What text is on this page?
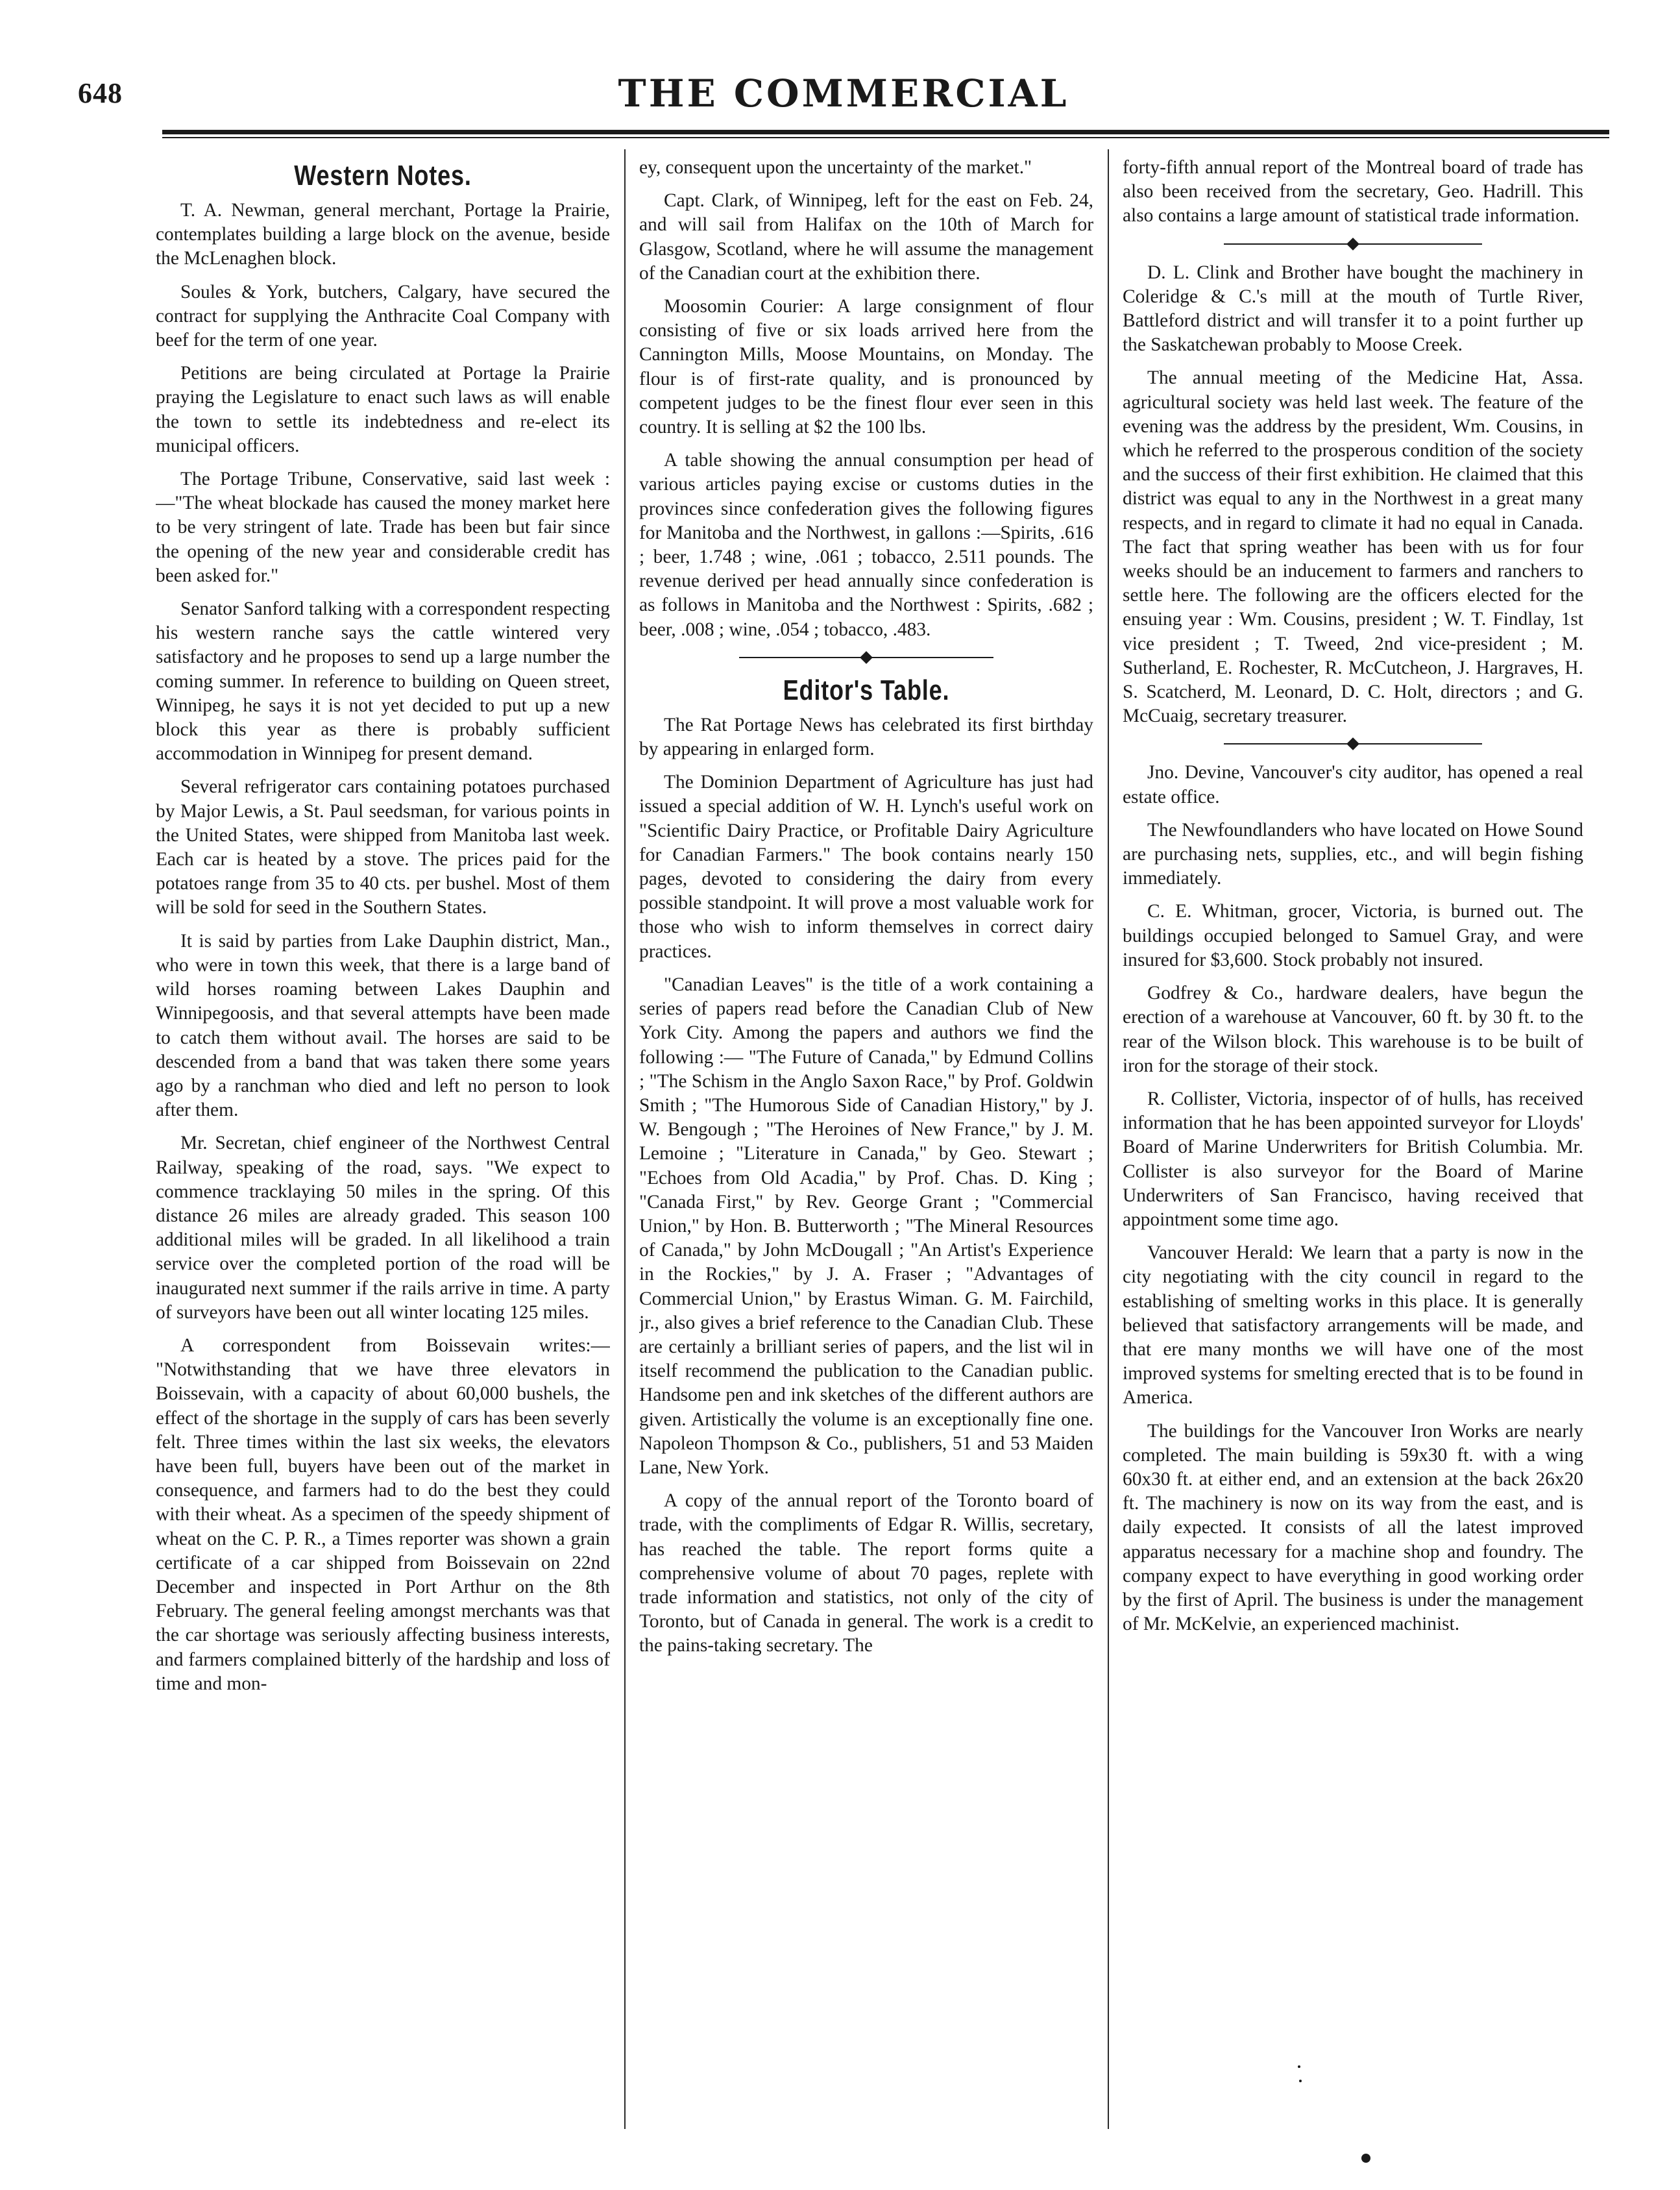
648	THE COMMERCIAL
Western Notes.

T. A. Newman, general merchant, Portage la Prairie, contemplates building a large block on the avenue, beside the McLenaghen block.

Soules & York, butchers, Calgary, have secured the contract for supplying the Anthracite Coal Company with beef for the term of one year.

Petitions are being circulated at Portage la Prairie praying the Legislature to enact such laws as will enable the town to settle its indebtedness and re-elect its municipal officers.

The Portage Tribune, Conservative, said last week :—"The wheat blockade has caused the money market here to be very stringent of late. Trade has been but fair since the opening of the new year and considerable credit has been asked for."

Senator Sanford talking with a correspondent respecting his western ranche says the cattle wintered very satisfactory and he proposes to send up a large number the coming summer. In reference to building on Queen street, Winnipeg, he says it is not yet decided to put up a new block this year as there is probably sufficient accommodation in Winnipeg for present demand.

Several refrigerator cars containing potatoes purchased by Major Lewis, a St. Paul seedsman, for various points in the United States, were shipped from Manitoba last week. Each car is heated by a stove. The prices paid for the potatoes range from 35 to 40 cts. per bushel. Most of them will be sold for seed in the Southern States.

It is said by parties from Lake Dauphin district, Man., who were in town this week, that there is a large band of wild horses roaming between Lakes Dauphin and Winnipegoosis, and that several attempts have been made to catch them without avail. The horses are said to be descended from a band that was taken there some years ago by a ranchman who died and left no person to look after them.

Mr. Secretan, chief engineer of the Northwest Central Railway, speaking of the road, says. "We expect to commence tracklaying 50 miles in the spring. Of this distance 26 miles are already graded. This season 100 additional miles will be graded. In all likelihood a train service over the completed portion of the road will be inaugurated next summer if the rails arrive in time. A party of surveyors have been out all winter locating 125 miles.

A correspondent from Boissevain writes:— "Notwithstanding that we have three elevators in Boissevain, with a capacity of about 60,000 bushels, the effect of the shortage in the supply of cars has been severly felt. Three times within the last six weeks, the elevators have been full, buyers have been out of the market in consequence, and farmers had to do the best they could with their wheat. As a specimen of the speedy shipment of wheat on the C. P. R., a Times reporter was shown a grain certificate of a car shipped from Boissevain on 22nd December and inspected in Port Arthur on the 8th February. The general feeling amongst merchants was that the car shortage was seriously affecting business interests, and farmers complained bitterly of the hardship and loss of time and mon-

ey, consequent upon the uncertainty of the market."

Capt. Clark, of Winnipeg, left for the east on Feb. 24, and will sail from Halifax on the 10th of March for Glasgow, Scotland, where he will assume the management of the Canadian court at the exhibition there.

Moosomin Courier: A large consignment of flour consisting of five or six loads arrived here from the Cannington Mills, Moose Mountains, on Monday. The flour is of first-rate quality, and is pronounced by competent judges to be the finest flour ever seen in this country. It is selling at $2 the 100 lbs.

A table showing the annual consumption per head of various articles paying excise or customs duties in the provinces since confederation gives the following figures for Manitoba and the Northwest, in gallons :—Spirits, .616 ; beer, 1.748 ; wine, .061 ; tobacco, 2.511 pounds. The revenue derived per head annually since confederation is as follows in Manitoba and the Northwest : Spirits, .682 ; beer, .008 ; wine, .054 ; tobacco, .483.

Editor's Table.

The Rat Portage News has celebrated its first birthday by appearing in enlarged form.

The Dominion Department of Agriculture has just had issued a special addition of W. H. Lynch's useful work on "Scientific Dairy Practice, or Profitable Dairy Agriculture for Canadian Farmers." The book contains nearly 150 pages, devoted to considering the dairy from every possible standpoint. It will prove a most valuable work for those who wish to inform themselves in correct dairy practices.

"Canadian Leaves" is the title of a work containing a series of papers read before the Canadian Club of New York City. Among the papers and authors we find the following :— "The Future of Canada," by Edmund Collins ; "The Schism in the Anglo Saxon Race," by Prof. Goldwin Smith ; "The Humorous Side of Canadian History," by J. W. Bengough ; "The Heroines of New France," by J. M. Lemoine ; "Literature in Canada," by Geo. Stewart ; "Echoes from Old Acadia," by Prof. Chas. D. King ; "Canada First," by Rev. George Grant ; "Commercial Union," by Hon. B. Butterworth ; "The Mineral Resources of Canada," by John McDougall ; "An Artist's Experience in the Rockies," by J. A. Fraser ; "Advantages of Commercial Union," by Erastus Wiman. G. M. Fairchild, jr., also gives a brief reference to the Canadian Club. These are certainly a brilliant series of papers, and the list wil in itself recommend the publication to the Canadian public. Handsome pen and ink sketches of the different authors are given. Artistically the volume is an exceptionally fine one. Napoleon Thompson & Co., publishers, 51 and 53 Maiden Lane, New York.

A copy of the annual report of the Toronto board of trade, with the compliments of Edgar R. Willis, secretary, has reached the table. The report forms quite a comprehensive volume of about 70 pages, replete with trade information and statistics, not only of the city of Toronto, but of Canada in general. The work is a credit to the pains-taking secretary. The

forty-fifth annual report of the Montreal board of trade has also been received from the secretary, Geo. Hadrill. This also contains a large amount of statistical trade information.

D. L. Clink and Brother have bought the machinery in Coleridge & C.'s mill at the mouth of Turtle River, Battleford district and will transfer it to a point further up the Saskatchewan probably to Moose Creek.

The annual meeting of the Medicine Hat, Assa. agricultural society was held last week. The feature of the evening was the address by the president, Wm. Cousins, in which he referred to the prosperous condition of the society and the success of their first exhibition. He claimed that this district was equal to any in the Northwest in a great many respects, and in regard to climate it had no equal in Canada. The fact that spring weather has been with us for four weeks should be an inducement to farmers and ranchers to settle here. The following are the officers elected for the ensuing year : Wm. Cousins, president ; W. T. Findlay, 1st vice president ; T. Tweed, 2nd vice-president ; M. Sutherland, E. Rochester, R. McCutcheon, J. Hargraves, H. S. Scatcherd, M. Leonard, D. C. Holt, directors ; and G. McCuaig, secretary treasurer.

Jno. Devine, Vancouver's city auditor, has opened a real estate office.

The Newfoundlanders who have located on Howe Sound are purchasing nets, supplies, etc., and will begin fishing immediately.

C. E. Whitman, grocer, Victoria, is burned out. The buildings occupied belonged to Samuel Gray, and were insured for $3,600. Stock probably not insured.

Godfrey & Co., hardware dealers, have begun the erection of a warehouse at Vancouver, 60 ft. by 30 ft. to the rear of the Wilson block. This warehouse is to be built of iron for the storage of their stock.

R. Collister, Victoria, inspector of of hulls, has received information that he has been appointed surveyor for Lloyds' Board of Marine Underwriters for British Columbia. Mr. Collister is also surveyor for the Board of Marine Underwriters of San Francisco, having received that appointment some time ago.

Vancouver Herald: We learn that a party is now in the city negotiating with the city council in regard to the establishing of smelting works in this place. It is generally believed that satisfactory arrangements will be made, and that ere many months we will have one of the most improved systems for smelting erected that is to be found in America.

The buildings for the Vancouver Iron Works are nearly completed. The main building is 59x30 ft. with a wing 60x30 ft. at either end, and an extension at the back 26x20 ft. The machinery is now on its way from the east, and is daily expected. It consists of all the latest improved apparatus necessary for a machine shop and foundry. The company expect to have everything in good working order by the first of April. The business is under the management of Mr. McKelvie, an experienced machinist.
